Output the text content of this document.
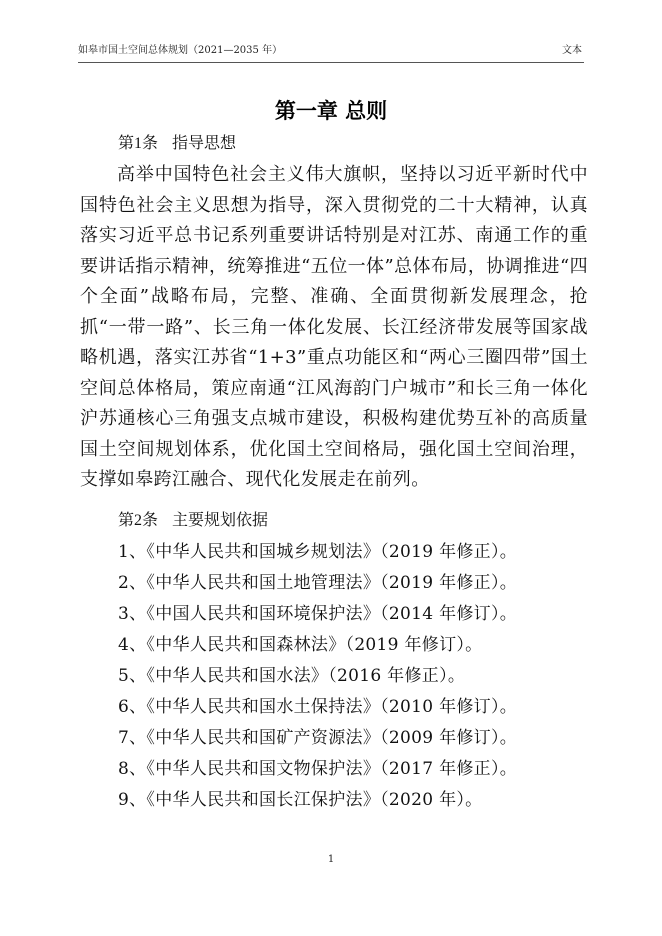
如皋市国土空间总体规划（2021—2035 年）	文本
第一章 总则
第1条 指导思想

高举中国特色社会主义伟大旗帜，坚持以习近平新时代中国特色社会主义思想为指导，深入贯彻党的二十大精神，认真落实习近平总书记系列重要讲话特别是对江苏、南通工作的重要讲话指示精神，统筹推进“五位一体”总体布局，协调推进“四个全面”战略布局，完整、准确、全面贯彻新发展理念，抢抓“一带一路”、长三角一体化发展、长江经济带发展等国家战略机遇，落实江苏省“1+3”重点功能区和“两心三圈四带”国土空间总体格局，策应南通“江风海韵门户城市”和长三角一体化沪苏通核心三角强支点城市建设，积极构建优势互补的高质量国土空间规划体系，优化国土空间格局，强化国土空间治理，支撑如皋跨江融合、现代化发展走在前列。

第2条 主要规划依据
1、《中华人民共和国城乡规划法》（2019 年修正）。
2、《中华人民共和国土地管理法》（2019 年修正）。
3、《中国人民共和国环境保护法》（2014 年修订）。
4、《中华人民共和国森林法》（2019 年修订）。
5、《中华人民共和国水法》（2016 年修正）。
6、《中华人民共和国水土保持法》（2010 年修订）。
7、《中华人民共和国矿产资源法》（2009 年修订）。
8、《中华人民共和国文物保护法》（2017 年修正）。
9、《中华人民共和国长江保护法》（2020 年）。
1
